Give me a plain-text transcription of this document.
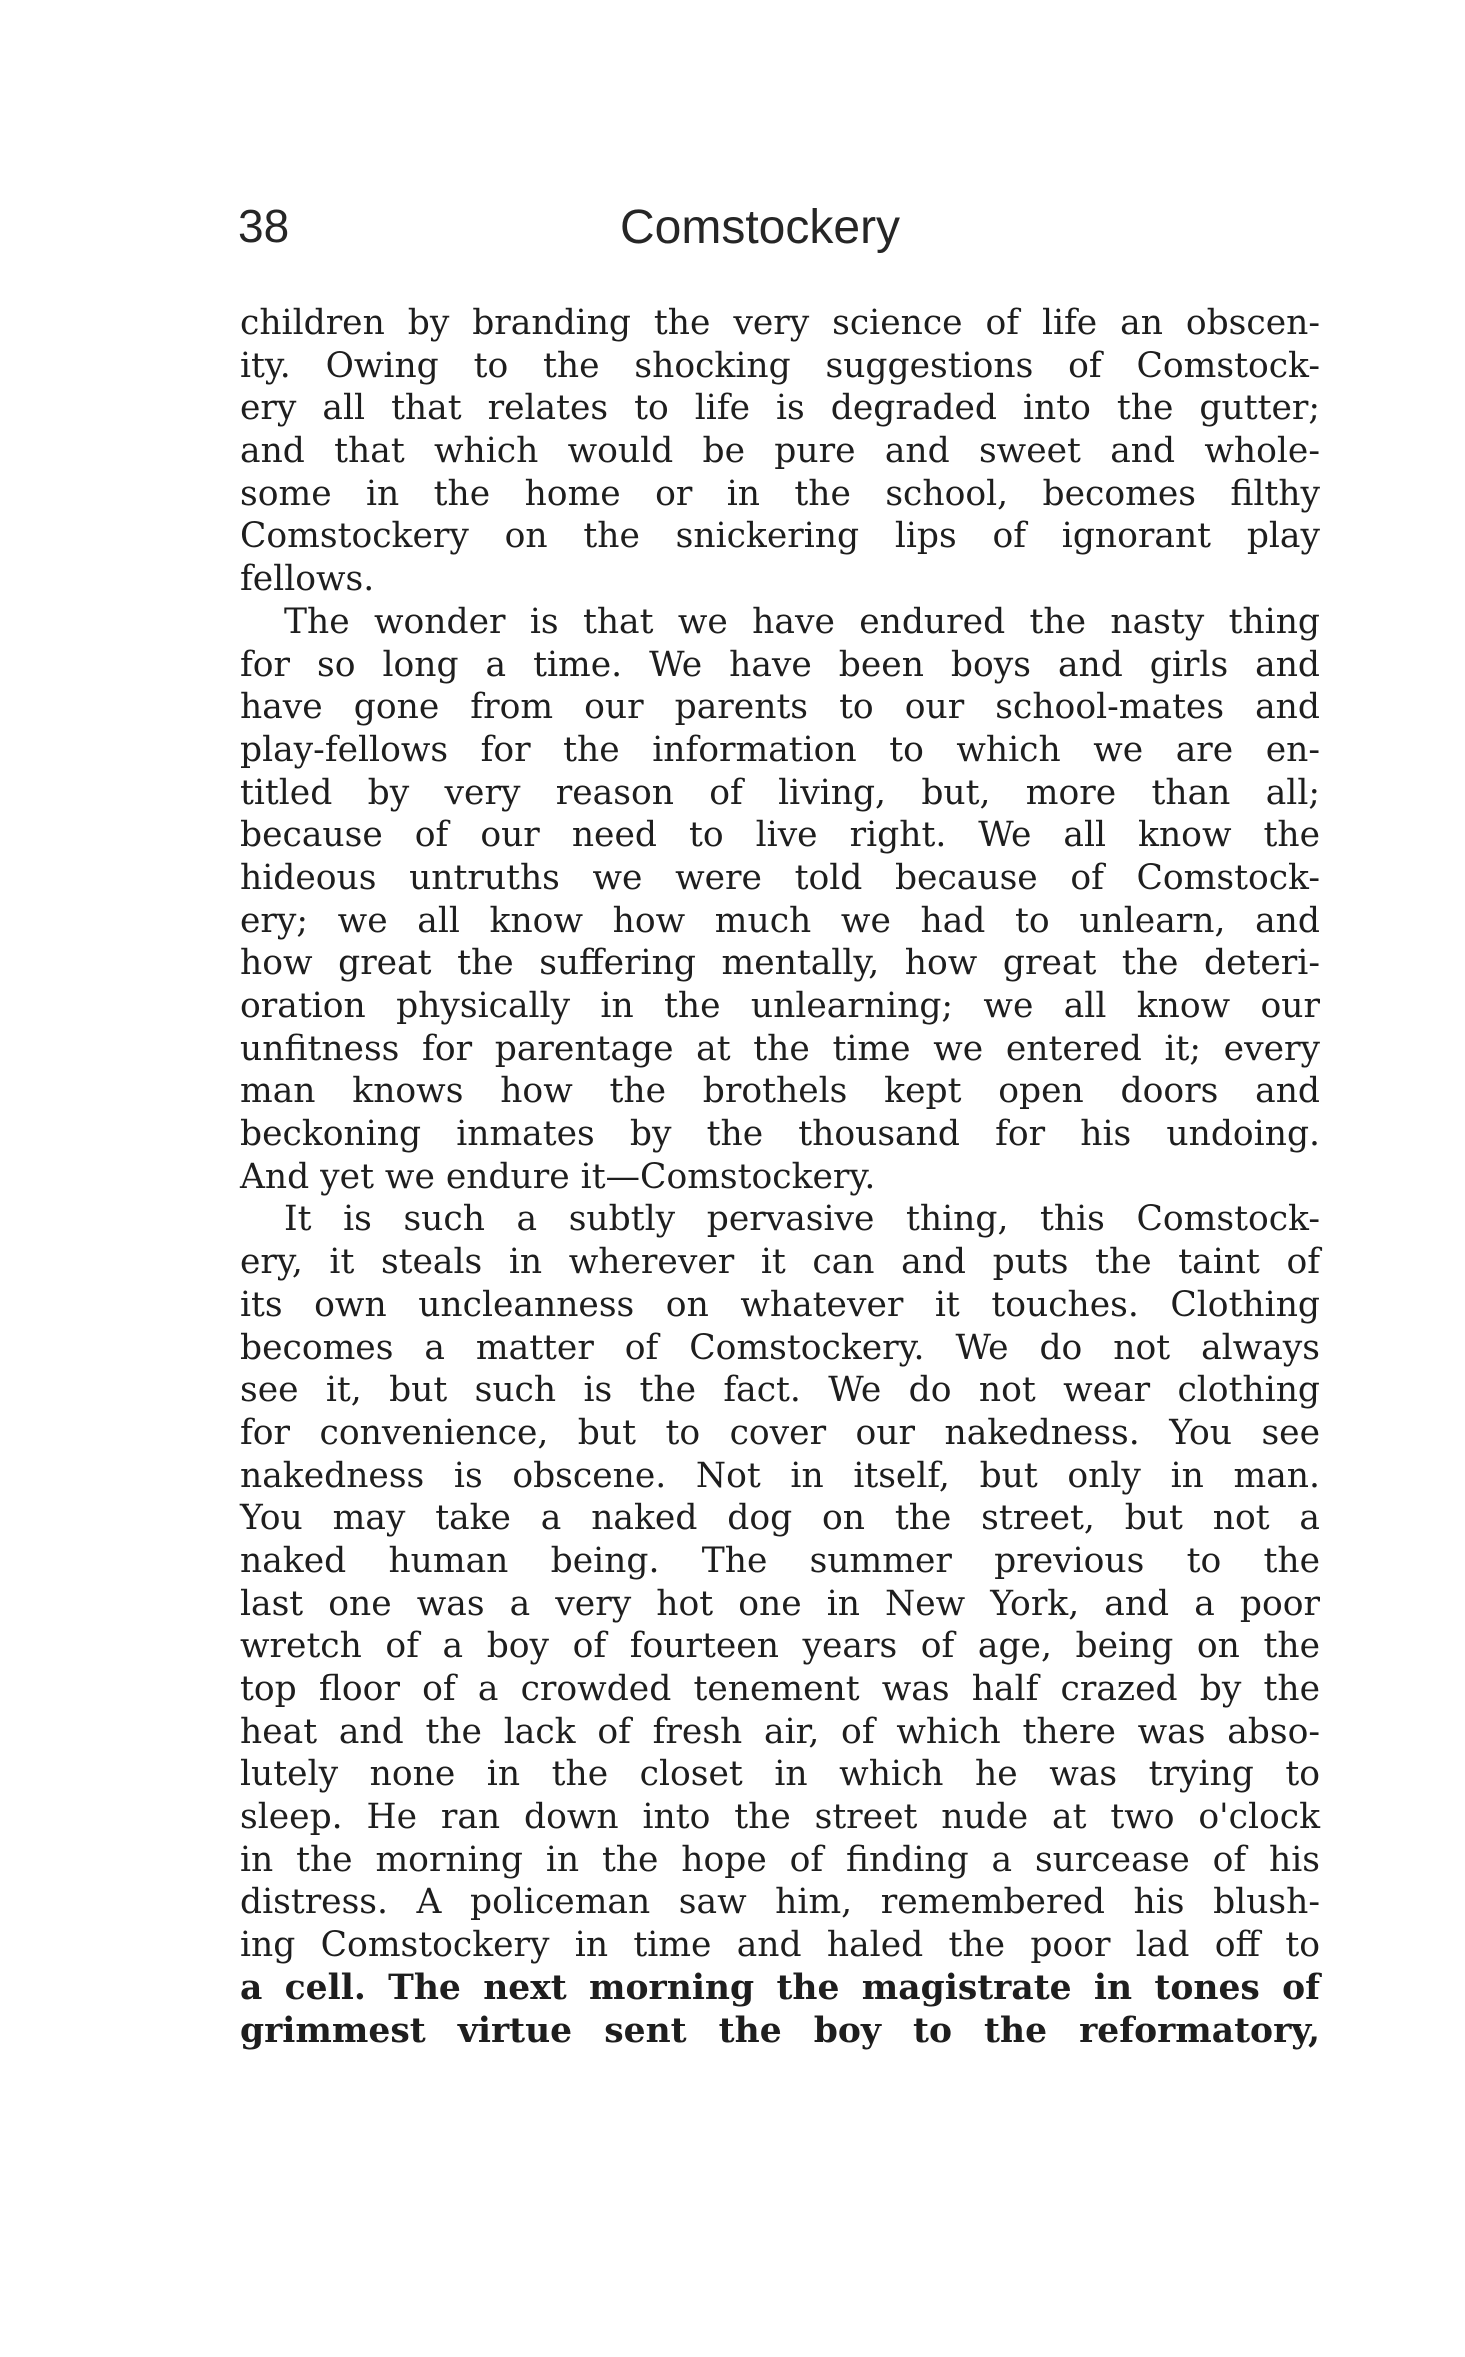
38	Comstockery
children by branding the very science of life an obscen-
ity. Owing to the shocking suggestions of Comstock-
ery all that relates to life is degraded into the gutter;
and that which would be pure and sweet and whole-
some in the home or in the school, becomes filthy
Comstockery on the snickering lips of ignorant play
fellows.
The wonder is that we have endured the nasty thing
for so long a time. We have been boys and girls and
have gone from our parents to our school-mates and
play-fellows for the information to which we are en-
titled by very reason of living, but, more than all;
because of our need to live right. We all know the
hideous untruths we were told because of Comstock-
ery; we all know how much we had to unlearn, and
how great the suffering mentally, how great the deteri-
oration physically in the unlearning; we all know our
unfitness for parentage at the time we entered it; every
man knows how the brothels kept open doors and
beckoning inmates by the thousand for his undoing.
And yet we endure it—Comstockery.
It is such a subtly pervasive thing, this Comstock-
ery, it steals in wherever it can and puts the taint of
its own uncleanness on whatever it touches. Clothing
becomes a matter of Comstockery. We do not always
see it, but such is the fact. We do not wear clothing
for convenience, but to cover our nakedness. You see
nakedness is obscene. Not in itself, but only in man.
You may take a naked dog on the street, but not a
naked human being. The summer previous to the
last one was a very hot one in New York, and a poor
wretch of a boy of fourteen years of age, being on the
top floor of a crowded tenement was half crazed by the
heat and the lack of fresh air, of which there was abso-
lutely none in the closet in which he was trying to
sleep. He ran down into the street nude at two o'clock
in the morning in the hope of finding a surcease of his
distress. A policeman saw him, remembered his blush-
ing Comstockery in time and haled the poor lad off to
a cell. The next morning the magistrate in tones of
grimmest virtue sent the boy to the reformatory,
